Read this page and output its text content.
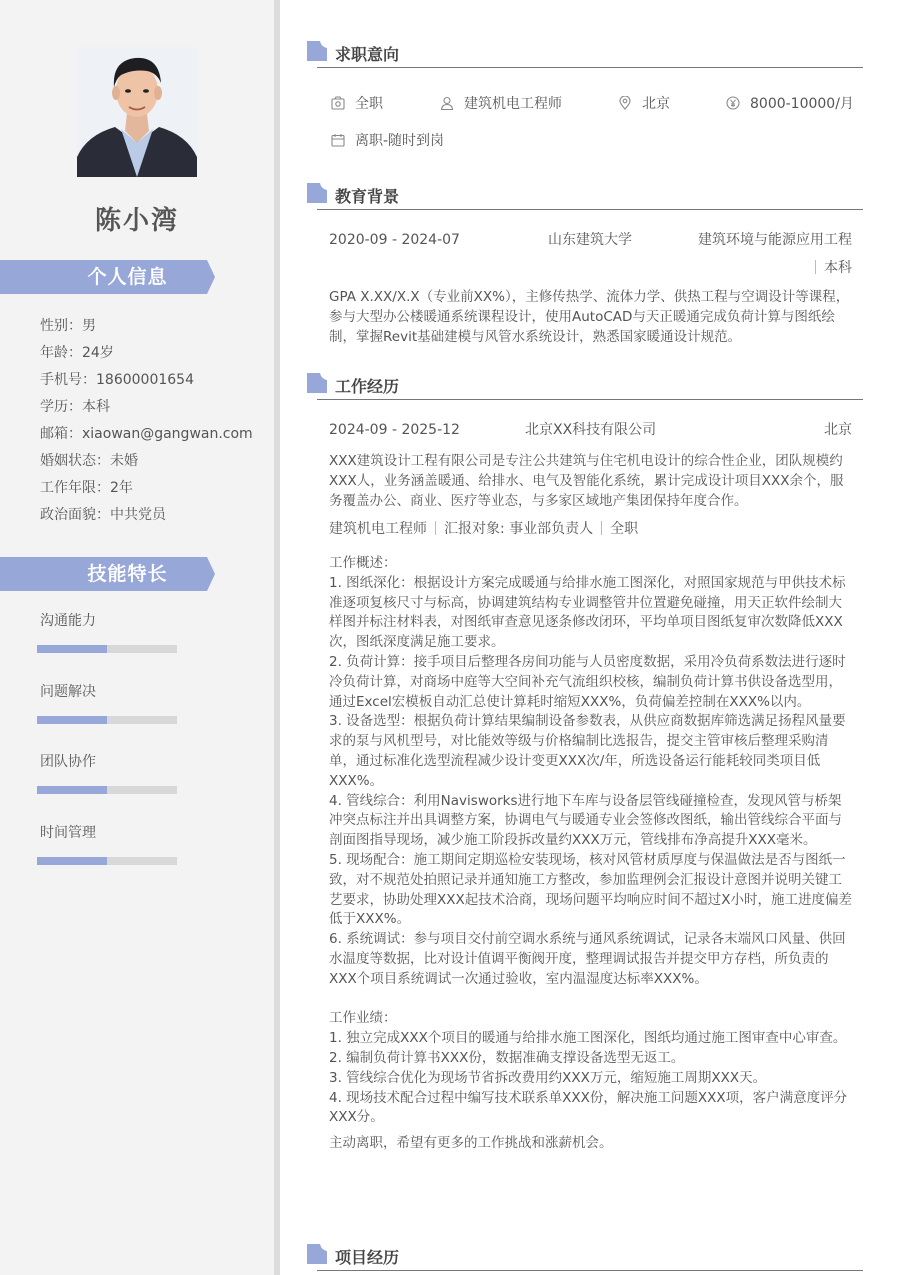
陈小湾
个人信息
性别：男
年龄：24岁
手机号：18600001654
学历：本科
邮箱：xiaowan@gangwan.com
婚姻状态：未婚
工作年限：2年
政治面貌：中共党员
技能特长
沟通能力
问题解决
团队协作
时间管理
求职意向
全职	建筑机电工程师	北京	8000-10000/月
离职-随时到岗
教育背景
2020-09 - 2024-07	山东建筑大学	建筑环境与能源应用工程
本科

GPA X.XX/X.X（专业前XX%），主修传热学、流体力学、供热工程与空调设计等课程，参与大型办公楼暖通系统课程设计，使用AutoCAD与天正暖通完成负荷计算与图纸绘制，掌握Revit基础建模与风管水系统设计，熟悉国家暖通设计规范。

工作经历
2024-09 - 2025-12	北京XX科技有限公司	北京

XXX建筑设计工程有限公司是专注公共建筑与住宅机电设计的综合性企业，团队规模约XXX人，业务涵盖暖通、给排水、电气及智能化系统，累计完成设计项目XXX余个，服务覆盖办公、商业、医疗等业态，与多家区域地产集团保持年度合作。

建筑机电工程师 汇报对象: 事业部负责人 全职

工作概述：

1. 图纸深化：根据设计方案完成暖通与给排水施工图深化，对照国家规范与甲供技术标准逐项复核尺寸与标高，协调建筑结构专业调整管井位置避免碰撞，用天正软件绘制大样图并标注材料表，对图纸审查意见逐条修改闭环，平均单项目图纸复审次数降低XXX次，图纸深度满足施工要求。

2. 负荷计算：接手项目后整理各房间功能与人员密度数据，采用冷负荷系数法进行逐时冷负荷计算，对商场中庭等大空间补充气流组织校核，编制负荷计算书供设备选型用，通过Excel宏模板自动汇总使计算耗时缩短XXX%，负荷偏差控制在XXX%以内。

3. 设备选型：根据负荷计算结果编制设备参数表，从供应商数据库筛选满足扬程风量要求的泵与风机型号，对比能效等级与价格编制比选报告，提交主管审核后整理采购清单，通过标准化选型流程减少设计变更XXX次/年，所选设备运行能耗较同类项目低XXX%。

4. 管线综合：利用Navisworks进行地下车库与设备层管线碰撞检查，发现风管与桥架冲突点标注并出具调整方案，协调电气与暖通专业会签修改图纸，输出管线综合平面与剖面图指导现场，减少施工阶段拆改量约XXX万元，管线排布净高提升XXX毫米。

5. 现场配合：施工期间定期巡检安装现场，核对风管材质厚度与保温做法是否与图纸一致，对不规范处拍照记录并通知施工方整改，参加监理例会汇报设计意图并说明关键工艺要求，协助处理XXX起技术洽商，现场问题平均响应时间不超过X小时，施工进度偏差低于XXX%。

6. 系统调试：参与项目交付前空调水系统与通风系统调试，记录各末端风口风量、供回水温度等数据，比对设计值调平衡阀开度，整理调试报告并提交甲方存档，所负责的XXX个项目系统调试一次通过验收，室内温湿度达标率XXX%。

工作业绩：

1. 独立完成XXX个项目的暖通与给排水施工图深化，图纸均通过施工图审查中心审查。

2. 编制负荷计算书XXX份，数据准确支撑设备选型无返工。

3. 管线综合优化为现场节省拆改费用约XXX万元，缩短施工周期XXX天。

4. 现场技术配合过程中编写技术联系单XXX份，解决施工问题XXX项，客户满意度评分XXX分。

主动离职，希望有更多的工作挑战和涨薪机会。

项目经历
